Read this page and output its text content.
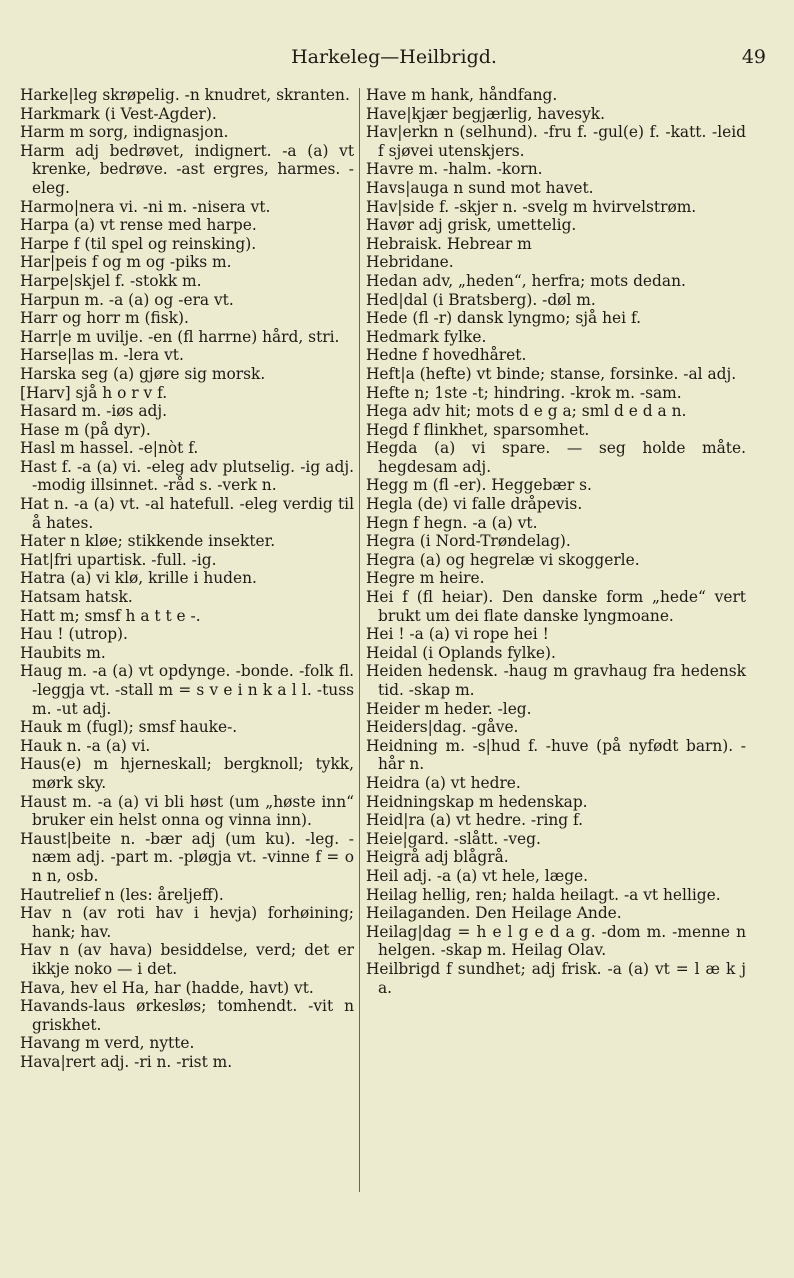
Harkeleg—Heilbrigd.	49

Harke|leg skrøpelig. -n knudret, skranten.

Harkmark (i Vest-Agder).

Harm m sorg, indignasjon.

Harm adj bedrøvet, indignert. -a (a) vt krenke, bedrøve. -ast ergres, harmes. -eleg.

Harmo|nera vi. -ni m. -nisera vt.

Harpa (a) vt rense med harpe.

Harpe f (til spel og reinsking).

Har|peis f og m og -piks m.

Harpe|skjel f. -stokk m.

Harpun m. -a (a) og -era vt.

Harr og horr m (fisk).

Harr|e m uvilje. -en (fl harrne) hård, stri.

Harse|las m. -lera vt.

Harska seg (a) gjøre sig morsk.

[Harv] sjå h o r v f.

Hasard m. -iøs adj.

Hase m (på dyr).

Hasl m hassel. -e|nòt f.

Hast f. -a (a) vi. -eleg adv plutselig. -ig adj. -modig illsinnet. -råd s. -verk n.

Hat n. -a (a) vt. -al hatefull. -eleg verdig til å hates.

Hater n kløe; stikkende insekter.

Hat|fri upartisk. -full. -ig.

Hatra (a) vi klø, krille i huden.

Hatsam hatsk.

Hatt m; smsf h a t t e -.

Hau ! (utrop).

Haubits m.

Haug m. -a (a) vt opdynge. -bonde. -folk fl. -leggja vt. -stall m = s v e i n k a l l. -tuss m. -ut adj.

Hauk m (fugl); smsf hauke-.

Hauk n. -a (a) vi.

Haus(e) m hjerneskall; bergknoll; tykk, mørk sky.

Haust m. -a (a) vi bli høst (um „høste inn“ bruker ein helst onna og vinna inn).

Haust|beite n. -bær adj (um ku). -leg. -næm adj. -part m. -pløgja vt. -vinne f = o n n, osb.

Hautrelief n (les: åreljeff).

Hav n (av roti hav i hevja) forhøining; hank; hav.

Hav n (av hava) besiddelse, verd; det er ikkje noko — i det.

Hava, hev el Ha, har (hadde, havt) vt.

Havands-laus ørkesløs; tomhendt. -vit n griskhet.

Havang m verd, nytte.

Hava|rert adj. -ri n. -rist m.

Have m hank, håndfang.

Have|kjær begjærlig, havesyk.

Hav|erkn n (selhund). -fru f. -gul(e) f. -katt. -leid f sjøvei utenskjers.

Havre m. -halm. -korn.

Havs|auga n sund mot havet.

Hav|side f. -skjer n. -svelg m hvirvelstrøm.

Havør adj grisk, umettelig.

Hebraisk. Hebrear m

Hebridane.

Hedan adv, „heden“, herfra; mots dedan.

Hed|dal (i Bratsberg). -døl m.

Hede (fl -r) dansk lyngmo; sjå hei f.

Hedmark fylke.

Hedne f hovedhåret.

Heft|a (hefte) vt binde; stanse, forsinke. -al adj.

Hefte n; 1ste -t; hindring. -krok m. -sam.

Hega adv hit; mots d e g a; sml d e d a n.

Hegd f flinkhet, sparsomhet.

Hegda (a) vi spare. — seg holde måte. hegdesam adj.

Hegg m (fl -er). Heggebær s.

Hegla (de) vi falle dråpevis.

Hegn f hegn. -a (a) vt.

Hegra (i Nord-Trøndelag).

Hegra (a) og hegrelæ vi skoggerle.

Hegre m heire.

Hei f (fl heiar). Den danske form „hede“ vert brukt um dei flate danske lyngmoane.

Hei ! -a (a) vi rope hei !

Heidal (i Oplands fylke).

Heiden hedensk. -haug m gravhaug fra hedensk tid. -skap m.

Heider m heder. -leg.

Heiders|dag. -gåve.

Heidning m. -s|hud f. -huve (på nyfødt barn). -hår n.

Heidra (a) vt hedre.

Heidningskap m hedenskap.

Heid|ra (a) vt hedre. -ring f.

Heie|gard. -slått. -veg.

Heigrå adj blågrå.

Heil adj. -a (a) vt hele, læge.

Heilag hellig, ren; halda heilagt. -a vt hellige.

Heilaganden. Den Heilage Ande.

Heilag|dag = h e l g e d a g. -dom m. -menne n helgen. -skap m. Heilag Olav.

Heilbrigd f sundhet; adj frisk. -a (a) vt = l æ k j a.
